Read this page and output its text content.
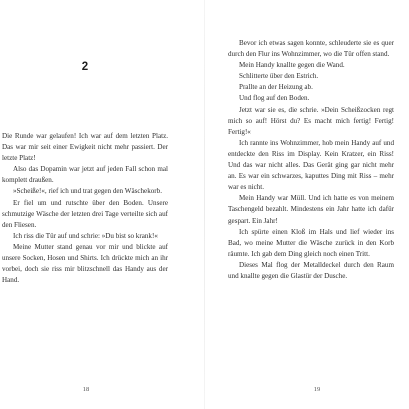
2

Die Runde war gelaufen! Ich war auf dem letzten Platz. Das war mir seit einer Ewigkeit nicht mehr passiert. Der letzte Platz!

Also das Dopamin war jetzt auf jeden Fall schon mal komplett draußen.

»Scheiße!«, rief ich und trat gegen den Wäschekorb.

Er fiel um und rutschte über den Boden. Unsere schmutzige Wäsche der letzten drei Tage verteilte sich auf den Fliesen.

Ich riss die Tür auf und schrie: »Du bist so krank!«

Meine Mutter stand genau vor mir und blickte auf unsere Socken, Hosen und Shirts. Ich drückte mich an ihr vorbei, doch sie riss mir blitzschnell das Handy aus der Hand.

18

Bevor ich etwas sagen konnte, schleuderte sie es quer durch den Flur ins Wohnzimmer, wo die Tür offen stand.

Mein Handy knallte gegen die Wand.

Schlitterte über den Estrich.

Prallte an der Heizung ab.

Und flog auf den Boden.

Jetzt war sie es, die schrie. »Dein Scheißzocken regt mich so auf! Hörst du? Es macht mich fertig! Fertig! Fertig!«

Ich rannte ins Wohnzimmer, hob mein Handy auf und entdeckte den Riss im Display. Kein Kratzer, ein Riss! Und das war nicht alles. Das Gerät ging gar nicht mehr an. Es war ein schwarzes, kaputtes Ding mit Riss – mehr war es nicht.

Mein Handy war Müll. Und ich hatte es von meinem Taschengeld bezahlt. Mindestens ein Jahr hatte ich dafür gespart. Ein Jahr!

Ich spürte einen Kloß im Hals und lief wieder ins Bad, wo meine Mutter die Wäsche zurück in den Korb räumte. Ich gab dem Ding gleich noch einen Tritt.

Dieses Mal flog der Metalldeckel durch den Raum und knallte gegen die Glastür der Dusche.

19
